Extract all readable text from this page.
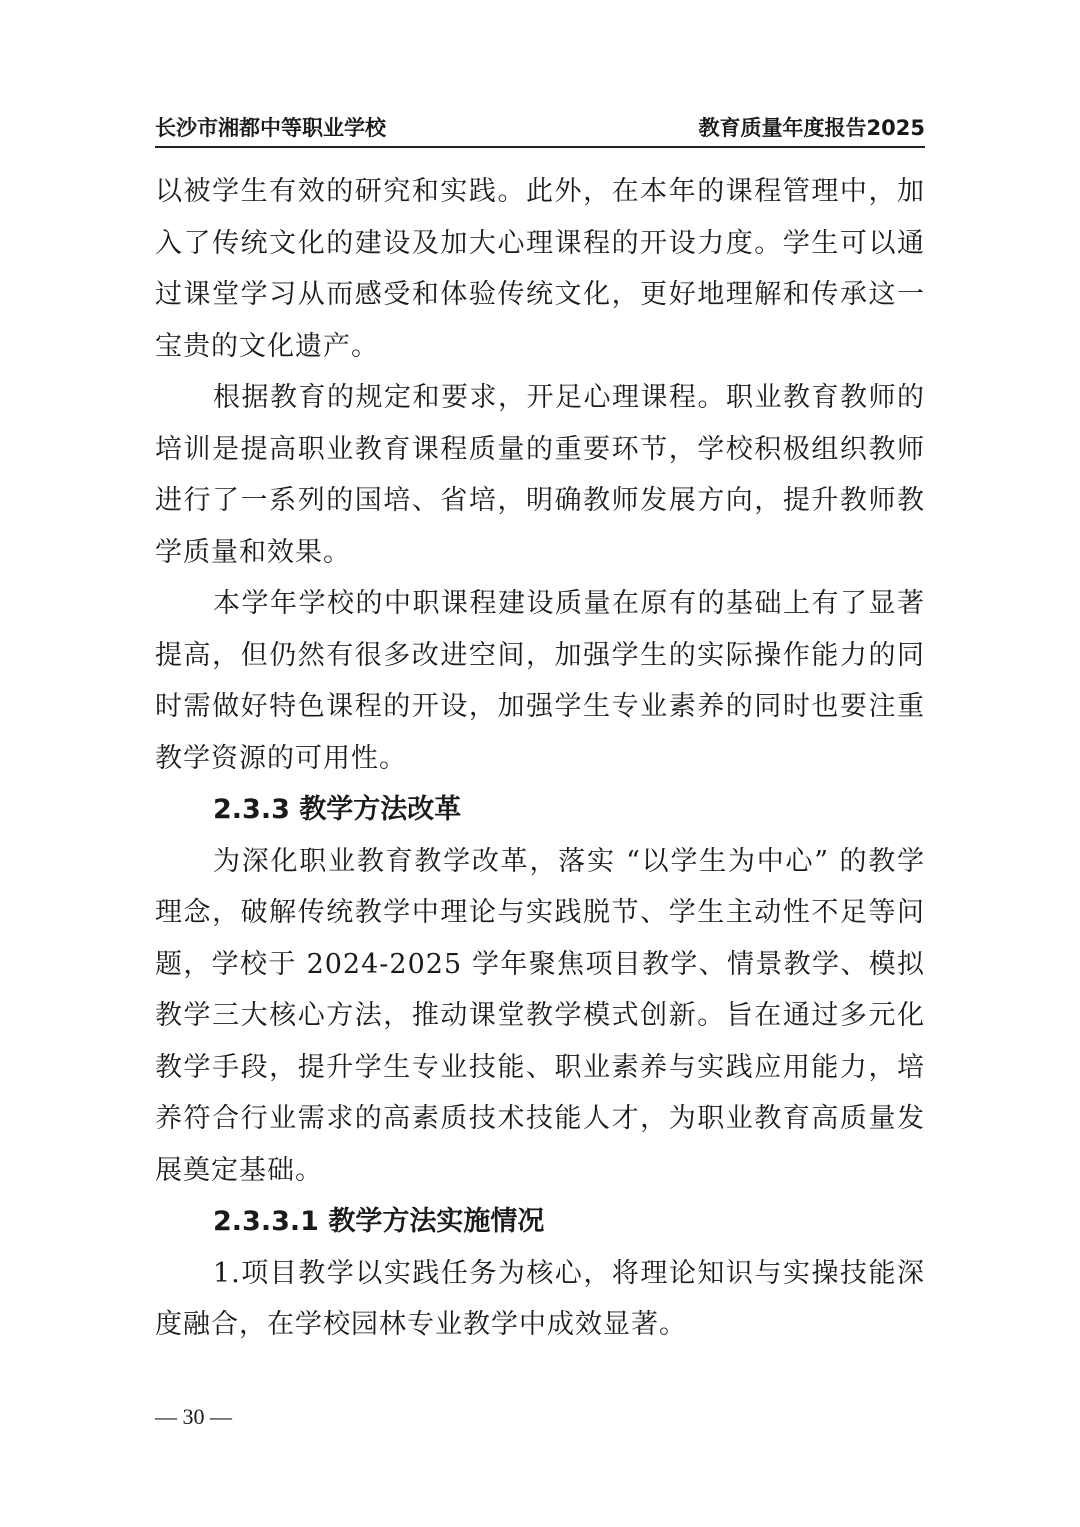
长沙市湘都中等职业学校	教育质量年度报告2025

以被学生有效的研究和实践。此外，在本年的课程管理中，加入了传统文化的建设及加大心理课程的开设力度。学生可以通过课堂学习从而感受和体验传统文化，更好地理解和传承这一宝贵的文化遗产。

根据教育的规定和要求，开足心理课程。职业教育教师的培训是提高职业教育课程质量的重要环节，学校积极组织教师进行了一系列的国培、省培，明确教师发展方向，提升教师教学质量和效果。

本学年学校的中职课程建设质量在原有的基础上有了显著提高，但仍然有很多改进空间，加强学生的实际操作能力的同时需做好特色课程的开设，加强学生专业素养的同时也要注重教学资源的可用性。

2.3.3 教学方法改革

为深化职业教育教学改革，落实 “以学生为中心” 的教学理念，破解传统教学中理论与实践脱节、学生主动性不足等问题，学校于 2024-2025 学年聚焦项目教学、情景教学、模拟教学三大核心方法，推动课堂教学模式创新。旨在通过多元化教学手段，提升学生专业技能、职业素养与实践应用能力，培养符合行业需求的高素质技术技能人才，为职业教育高质量发展奠定基础。

2.3.3.1 教学方法实施情况

1.项目教学以实践任务为核心，将理论知识与实操技能深度融合，在学校园林专业教学中成效显著。

— 30 —
